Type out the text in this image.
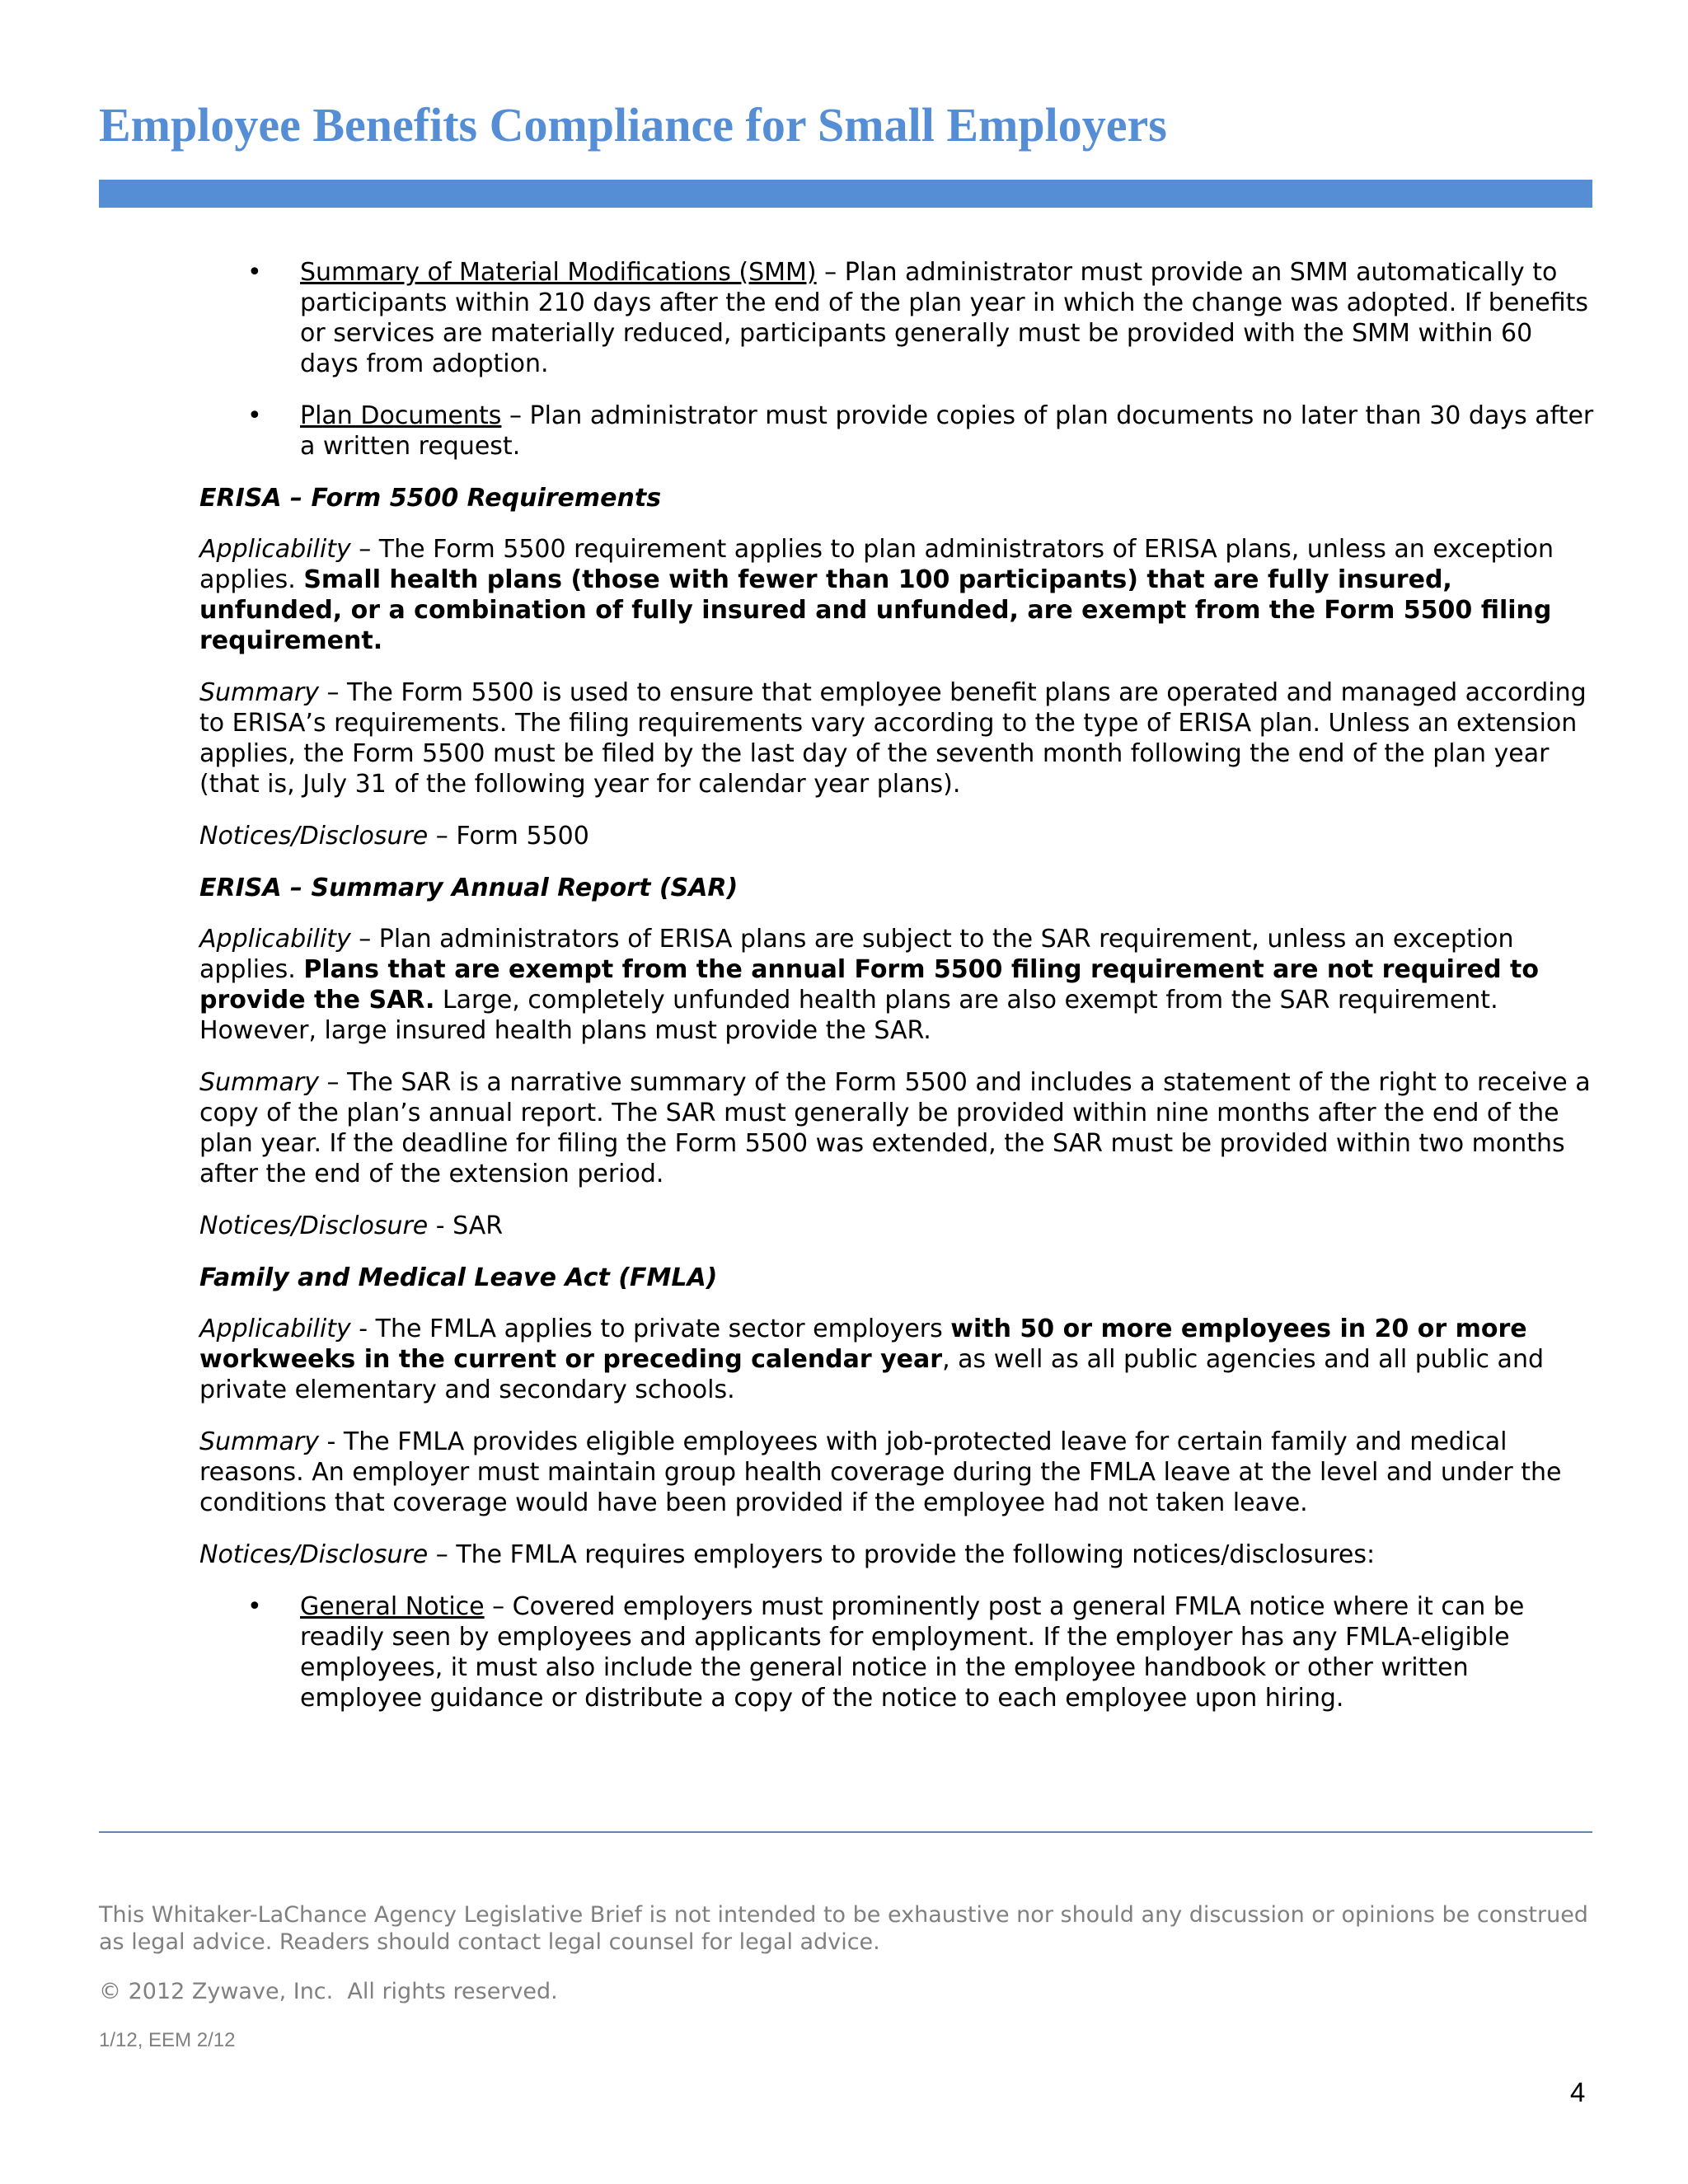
Employee Benefits Compliance for Small Employers
• Summary of Material Modifications (SMM) – Plan administrator must provide an SMM automatically to participants within 210 days after the end of the plan year in which the change was adopted. If benefits or services are materially reduced, participants generally must be provided with the SMM within 60 days from adoption.
• Plan Documents – Plan administrator must provide copies of plan documents no later than 30 days after a written request.
ERISA – Form 5500 Requirements
Applicability – The Form 5500 requirement applies to plan administrators of ERISA plans, unless an exception applies. Small health plans (those with fewer than 100 participants) that are fully insured, unfunded, or a combination of fully insured and unfunded, are exempt from the Form 5500 filing requirement.
Summary – The Form 5500 is used to ensure that employee benefit plans are operated and managed according to ERISA’s requirements. The filing requirements vary according to the type of ERISA plan. Unless an extension applies, the Form 5500 must be filed by the last day of the seventh month following the end of the plan year (that is, July 31 of the following year for calendar year plans).
Notices/Disclosure – Form 5500
ERISA – Summary Annual Report (SAR)
Applicability – Plan administrators of ERISA plans are subject to the SAR requirement, unless an exception applies. Plans that are exempt from the annual Form 5500 filing requirement are not required to provide the SAR. Large, completely unfunded health plans are also exempt from the SAR requirement. However, large insured health plans must provide the SAR.
Summary – The SAR is a narrative summary of the Form 5500 and includes a statement of the right to receive a copy of the plan’s annual report. The SAR must generally be provided within nine months after the end of the plan year. If the deadline for filing the Form 5500 was extended, the SAR must be provided within two months after the end of the extension period.
Notices/Disclosure - SAR
Family and Medical Leave Act (FMLA)
Applicability - The FMLA applies to private sector employers with 50 or more employees in 20 or more workweeks in the current or preceding calendar year, as well as all public agencies and all public and private elementary and secondary schools.
Summary - The FMLA provides eligible employees with job-protected leave for certain family and medical reasons. An employer must maintain group health coverage during the FMLA leave at the level and under the conditions that coverage would have been provided if the employee had not taken leave.
Notices/Disclosure – The FMLA requires employers to provide the following notices/disclosures:
• General Notice – Covered employers must prominently post a general FMLA notice where it can be readily seen by employees and applicants for employment. If the employer has any FMLA-eligible employees, it must also include the general notice in the employee handbook or other written employee guidance or distribute a copy of the notice to each employee upon hiring.
This Whitaker-LaChance Agency Legislative Brief is not intended to be exhaustive nor should any discussion or opinions be construed as legal advice. Readers should contact legal counsel for legal advice.
© 2012 Zywave, Inc.  All rights reserved.
1/12, EEM 2/12
4
